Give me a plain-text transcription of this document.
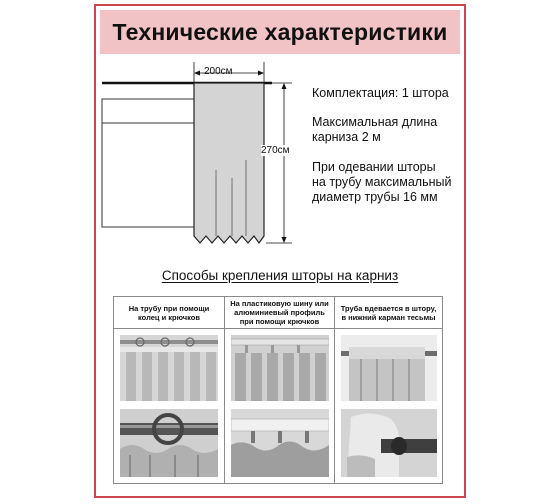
Технические характеристики
200см
270см
Комплектация: 1 штора
Максимальная длина
карниза 2 м
При одевании шторы
на трубу максимальный
диаметр трубы 16 мм
Способы крепления шторы на карниз
На трубу при помощи
колец и крючков
На пластиковую шину или
алюминиевый профиль
при помощи крючков
Труба вдевается в штору,
в нижний карман тесьмы
